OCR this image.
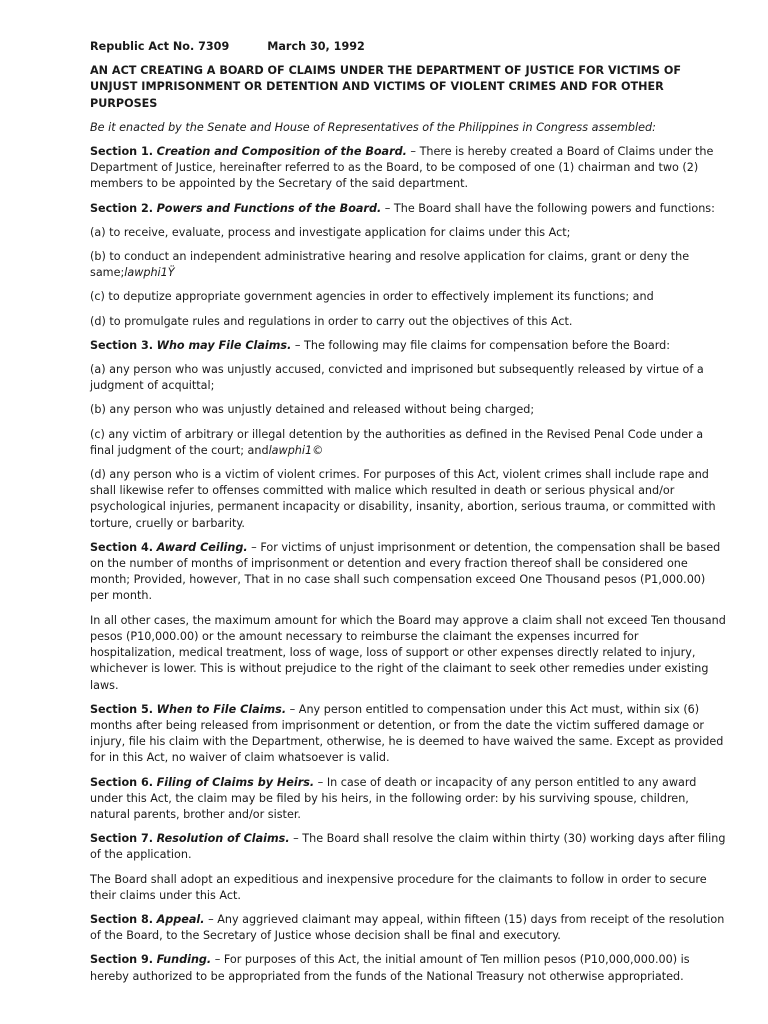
Republic Act No. 7309	March 30, 1992

AN ACT CREATING A BOARD OF CLAIMS UNDER THE DEPARTMENT OF JUSTICE FOR VICTIMS OF UNJUST IMPRISONMENT OR DETENTION AND VICTIMS OF VIOLENT CRIMES AND FOR OTHER PURPOSES

Be it enacted by the Senate and House of Representatives of the Philippines in Congress assembled:

Section 1. Creation and Composition of the Board. – There is hereby created a Board of Claims under the Department of Justice, hereinafter referred to as the Board, to be composed of one (1) chairman and two (2) members to be appointed by the Secretary of the said department.

Section 2. Powers and Functions of the Board. – The Board shall have the following powers and functions:

(a) to receive, evaluate, process and investigate application for claims under this Act;

(b) to conduct an independent administrative hearing and resolve application for claims, grant or deny the same;lawphi1Ÿ

(c) to deputize appropriate government agencies in order to effectively implement its functions; and

(d) to promulgate rules and regulations in order to carry out the objectives of this Act.

Section 3. Who may File Claims. – The following may file claims for compensation before the Board:

(a) any person who was unjustly accused, convicted and imprisoned but subsequently released by virtue of a judgment of acquittal;

(b) any person who was unjustly detained and released without being charged;

(c) any victim of arbitrary or illegal detention by the authorities as defined in the Revised Penal Code under a final judgment of the court; andlawphi1©

(d) any person who is a victim of violent crimes. For purposes of this Act, violent crimes shall include rape and shall likewise refer to offenses committed with malice which resulted in death or serious physical and/or psychological injuries, permanent incapacity or disability, insanity, abortion, serious trauma, or committed with torture, cruelly or barbarity.

Section 4. Award Ceiling. – For victims of unjust imprisonment or detention, the compensation shall be based on the number of months of imprisonment or detention and every fraction thereof shall be considered one month; Provided, however, That in no case shall such compensation exceed One Thousand pesos (P1,000.00) per month.

In all other cases, the maximum amount for which the Board may approve a claim shall not exceed Ten thousand pesos (P10,000.00) or the amount necessary to reimburse the claimant the expenses incurred for hospitalization, medical treatment, loss of wage, loss of support or other expenses directly related to injury, whichever is lower. This is without prejudice to the right of the claimant to seek other remedies under existing laws.

Section 5. When to File Claims. – Any person entitled to compensation under this Act must, within six (6) months after being released from imprisonment or detention, or from the date the victim suffered damage or injury, file his claim with the Department, otherwise, he is deemed to have waived the same. Except as provided for in this Act, no waiver of claim whatsoever is valid.

Section 6. Filing of Claims by Heirs. – In case of death or incapacity of any person entitled to any award under this Act, the claim may be filed by his heirs, in the following order: by his surviving spouse, children, natural parents, brother and/or sister.

Section 7. Resolution of Claims. – The Board shall resolve the claim within thirty (30) working days after filing of the application.

The Board shall adopt an expeditious and inexpensive procedure for the claimants to follow in order to secure their claims under this Act.

Section 8. Appeal. – Any aggrieved claimant may appeal, within fifteen (15) days from receipt of the resolution of the Board, to the Secretary of Justice whose decision shall be final and executory.

Section 9. Funding. – For purposes of this Act, the initial amount of Ten million pesos (P10,000,000.00) is hereby authorized to be appropriated from the funds of the National Treasury not otherwise appropriated.
